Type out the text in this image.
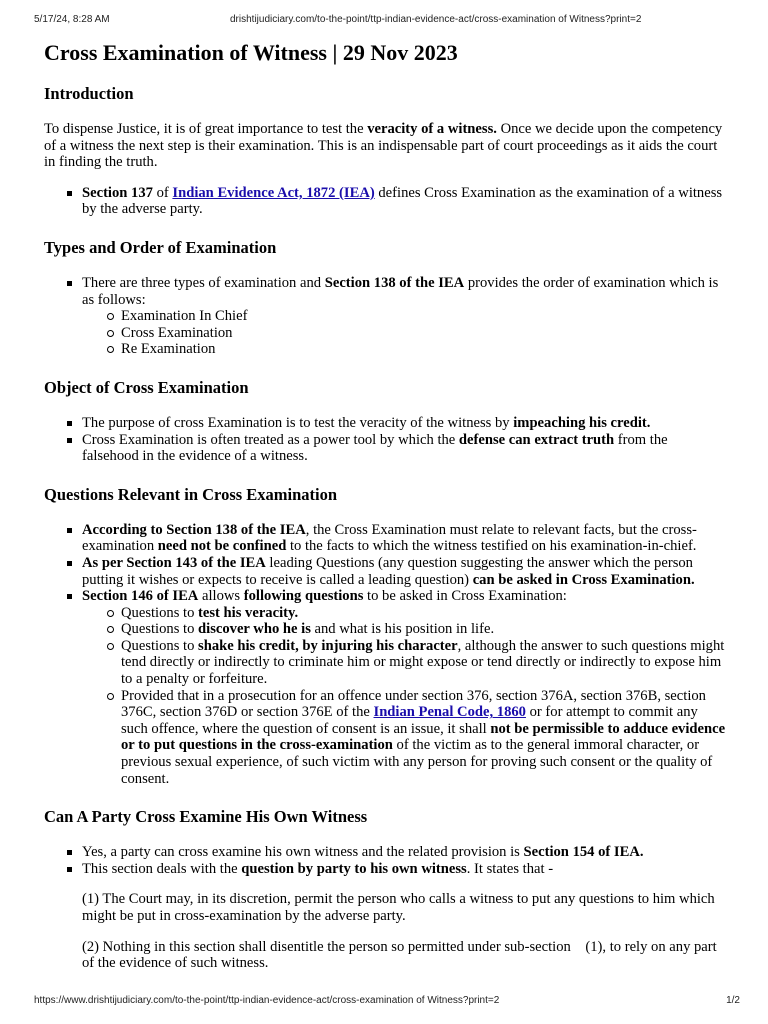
5/17/24, 8:28 AM	drishtijudiciary.com/to-the-point/ttp-indian-evidence-act/cross-examination of Witness?print=2
Cross Examination of Witness | 29 Nov 2023
Introduction

To dispense Justice, it is of great importance to test the veracity of a witness. Once we decide upon the competency of a witness the next step is their examination. This is an indispensable part of court proceedings as it aids the court in finding the truth.

Section 137 of Indian Evidence Act, 1872 (IEA) defines Cross Examination as the examination of a witness by the adverse party.
Types and Order of Examination
There are three types of examination and Section 138 of the IEA provides the order of examination which is as follows:
Examination In Chief
Cross Examination
Re Examination
Object of Cross Examination
The purpose of cross Examination is to test the veracity of the witness by impeaching his credit.
Cross Examination is often treated as a power tool by which the defense can extract truth from the falsehood in the evidence of a witness.
Questions Relevant in Cross Examination
According to Section 138 of the IEA, the Cross Examination must relate to relevant facts, but the cross-examination need not be confined to the facts to which the witness testified on his examination-in-chief.
As per Section 143 of the IEA leading Questions (any question suggesting the answer which the person putting it wishes or expects to receive is called a leading question) can be asked in Cross Examination.
Section 146 of IEA allows following questions to be asked in Cross Examination:
Questions to test his veracity.
Questions to discover who he is and what is his position in life.
Questions to shake his credit, by injuring his character, although the answer to such questions might tend directly or indirectly to criminate him or might expose or tend directly or indirectly to expose him to a penalty or forfeiture.
Provided that in a prosecution for an offence under section 376, section 376A, section 376B, section 376C, section 376D or section 376E of the Indian Penal Code, 1860 or for attempt to commit any such offence, where the question of consent is an issue, it shall not be permissible to adduce evidence or to put questions in the cross-examination of the victim as to the general immoral character, or previous sexual experience, of such victim with any person for proving such consent or the quality of consent.
Can A Party Cross Examine His Own Witness
Yes, a party can cross examine his own witness and the related provision is Section 154 of IEA.
This section deals with the question by party to his own witness. It states that -

(1) The Court may, in its discretion, permit the person who calls a witness to put any questions to him which might be put in cross-examination by the adverse party.

(2) Nothing in this section shall disentitle the person so permitted under sub-section    (1), to rely on any part of the evidence of such witness.

https://www.drishtijudiciary.com/to-the-point/ttp-indian-evidence-act/cross-examination of Witness?print=2	1/2
